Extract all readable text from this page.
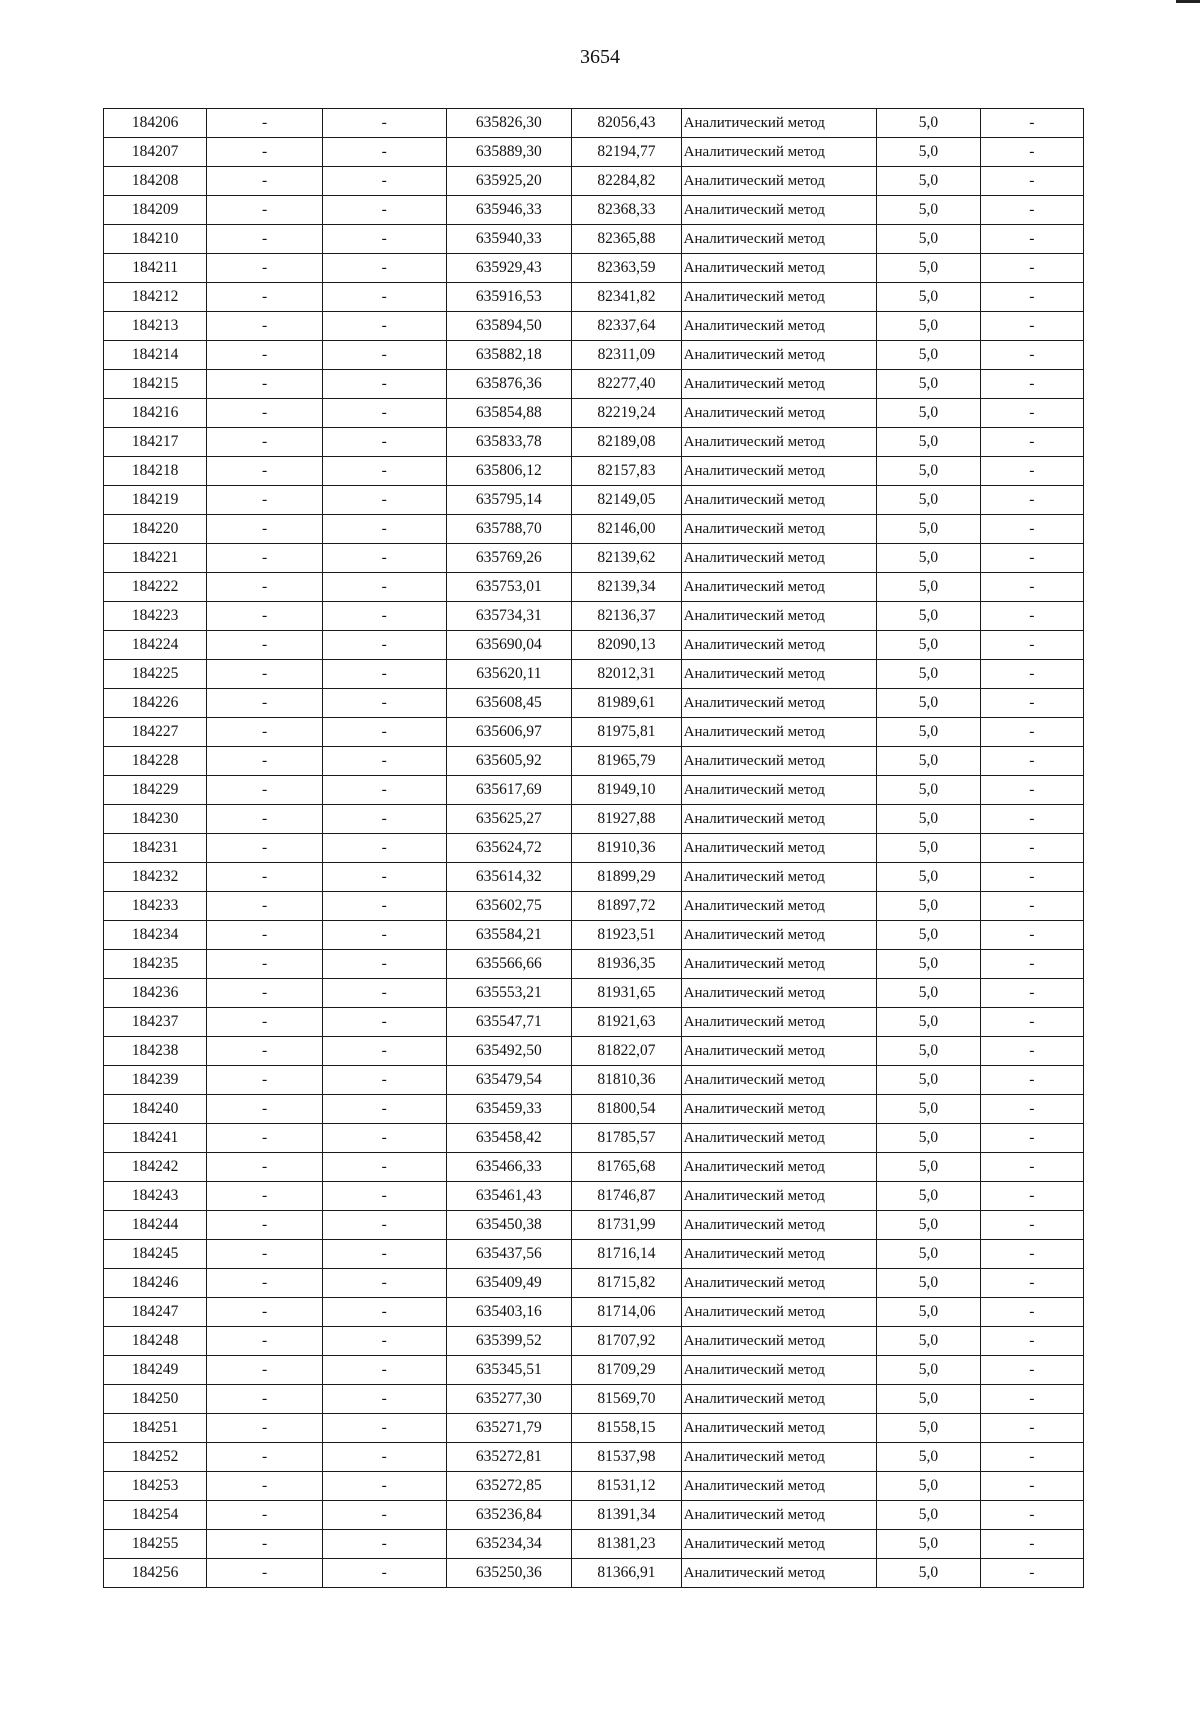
3654
184206	-	-	635826,30	82056,43	Аналитический метод	5,0	-
184207	-	-	635889,30	82194,77	Аналитический метод	5,0	-
184208	-	-	635925,20	82284,82	Аналитический метод	5,0	-
184209	-	-	635946,33	82368,33	Аналитический метод	5,0	-
184210	-	-	635940,33	82365,88	Аналитический метод	5,0	-
184211	-	-	635929,43	82363,59	Аналитический метод	5,0	-
184212	-	-	635916,53	82341,82	Аналитический метод	5,0	-
184213	-	-	635894,50	82337,64	Аналитический метод	5,0	-
184214	-	-	635882,18	82311,09	Аналитический метод	5,0	-
184215	-	-	635876,36	82277,40	Аналитический метод	5,0	-
184216	-	-	635854,88	82219,24	Аналитический метод	5,0	-
184217	-	-	635833,78	82189,08	Аналитический метод	5,0	-
184218	-	-	635806,12	82157,83	Аналитический метод	5,0	-
184219	-	-	635795,14	82149,05	Аналитический метод	5,0	-
184220	-	-	635788,70	82146,00	Аналитический метод	5,0	-
184221	-	-	635769,26	82139,62	Аналитический метод	5,0	-
184222	-	-	635753,01	82139,34	Аналитический метод	5,0	-
184223	-	-	635734,31	82136,37	Аналитический метод	5,0	-
184224	-	-	635690,04	82090,13	Аналитический метод	5,0	-
184225	-	-	635620,11	82012,31	Аналитический метод	5,0	-
184226	-	-	635608,45	81989,61	Аналитический метод	5,0	-
184227	-	-	635606,97	81975,81	Аналитический метод	5,0	-
184228	-	-	635605,92	81965,79	Аналитический метод	5,0	-
184229	-	-	635617,69	81949,10	Аналитический метод	5,0	-
184230	-	-	635625,27	81927,88	Аналитический метод	5,0	-
184231	-	-	635624,72	81910,36	Аналитический метод	5,0	-
184232	-	-	635614,32	81899,29	Аналитический метод	5,0	-
184233	-	-	635602,75	81897,72	Аналитический метод	5,0	-
184234	-	-	635584,21	81923,51	Аналитический метод	5,0	-
184235	-	-	635566,66	81936,35	Аналитический метод	5,0	-
184236	-	-	635553,21	81931,65	Аналитический метод	5,0	-
184237	-	-	635547,71	81921,63	Аналитический метод	5,0	-
184238	-	-	635492,50	81822,07	Аналитический метод	5,0	-
184239	-	-	635479,54	81810,36	Аналитический метод	5,0	-
184240	-	-	635459,33	81800,54	Аналитический метод	5,0	-
184241	-	-	635458,42	81785,57	Аналитический метод	5,0	-
184242	-	-	635466,33	81765,68	Аналитический метод	5,0	-
184243	-	-	635461,43	81746,87	Аналитический метод	5,0	-
184244	-	-	635450,38	81731,99	Аналитический метод	5,0	-
184245	-	-	635437,56	81716,14	Аналитический метод	5,0	-
184246	-	-	635409,49	81715,82	Аналитический метод	5,0	-
184247	-	-	635403,16	81714,06	Аналитический метод	5,0	-
184248	-	-	635399,52	81707,92	Аналитический метод	5,0	-
184249	-	-	635345,51	81709,29	Аналитический метод	5,0	-
184250	-	-	635277,30	81569,70	Аналитический метод	5,0	-
184251	-	-	635271,79	81558,15	Аналитический метод	5,0	-
184252	-	-	635272,81	81537,98	Аналитический метод	5,0	-
184253	-	-	635272,85	81531,12	Аналитический метод	5,0	-
184254	-	-	635236,84	81391,34	Аналитический метод	5,0	-
184255	-	-	635234,34	81381,23	Аналитический метод	5,0	-
184256	-	-	635250,36	81366,91	Аналитический метод	5,0	-
